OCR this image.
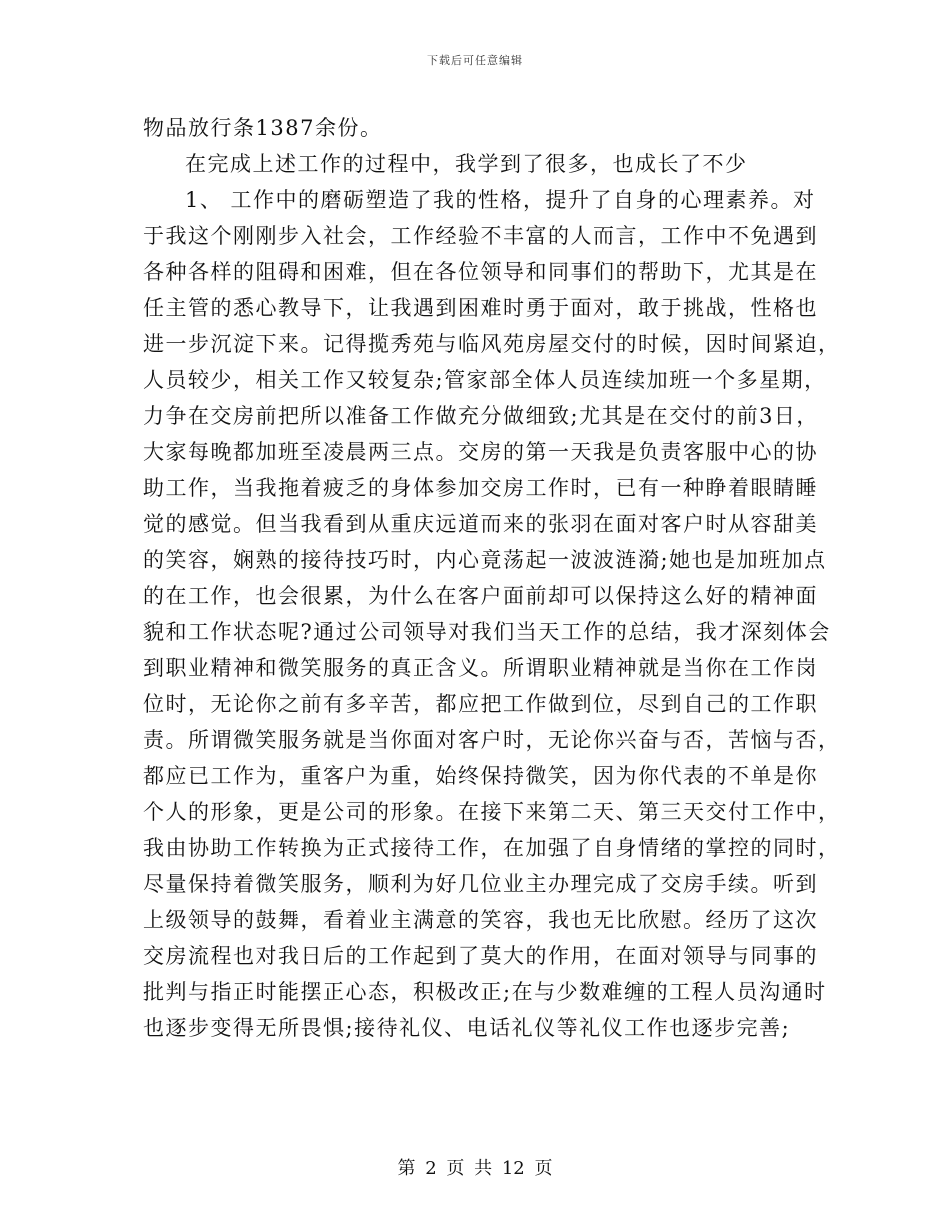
下载后可任意编辑
物品放行条1387余份。
在完成上述工作的过程中，我学到了很多，也成长了不少
1、 工作中的磨砺塑造了我的性格，提升了自身的心理素养。对
于我这个刚刚步入社会，工作经验不丰富的人而言，工作中不免遇到
各种各样的阻碍和困难，但在各位领导和同事们的帮助下，尤其是在
任主管的悉心教导下，让我遇到困难时勇于面对，敢于挑战，性格也
进一步沉淀下来。记得揽秀苑与临风苑房屋交付的时候，因时间紧迫，
人员较少，相关工作又较复杂;管家部全体人员连续加班一个多星期，
力争在交房前把所以准备工作做充分做细致;尤其是在交付的前3日，
大家每晚都加班至凌晨两三点。交房的第一天我是负责客服中心的协
助工作，当我拖着疲乏的身体参加交房工作时，已有一种睁着眼睛睡
觉的感觉。但当我看到从重庆远道而来的张羽在面对客户时从容甜美
的笑容，娴熟的接待技巧时，内心竟荡起一波波涟漪;她也是加班加点
的在工作，也会很累，为什么在客户面前却可以保持这么好的精神面
貌和工作状态呢?通过公司领导对我们当天工作的总结，我才深刻体会
到职业精神和微笑服务的真正含义。所谓职业精神就是当你在工作岗
位时，无论你之前有多辛苦，都应把工作做到位，尽到自己的工作职
责。所谓微笑服务就是当你面对客户时，无论你兴奋与否，苦恼与否，
都应已工作为，重客户为重，始终保持微笑，因为你代表的不单是你
个人的形象，更是公司的形象。在接下来第二天、第三天交付工作中，
我由协助工作转换为正式接待工作，在加强了自身情绪的掌控的同时，
尽量保持着微笑服务，顺利为好几位业主办理完成了交房手续。听到
上级领导的鼓舞，看着业主满意的笑容，我也无比欣慰。经历了这次
交房流程也对我日后的工作起到了莫大的作用，在面对领导与同事的
批判与指正时能摆正心态，积极改正;在与少数难缠的工程人员沟通时
也逐步变得无所畏惧;接待礼仪、电话礼仪等礼仪工作也逐步完善;
第 2 页 共 12 页
